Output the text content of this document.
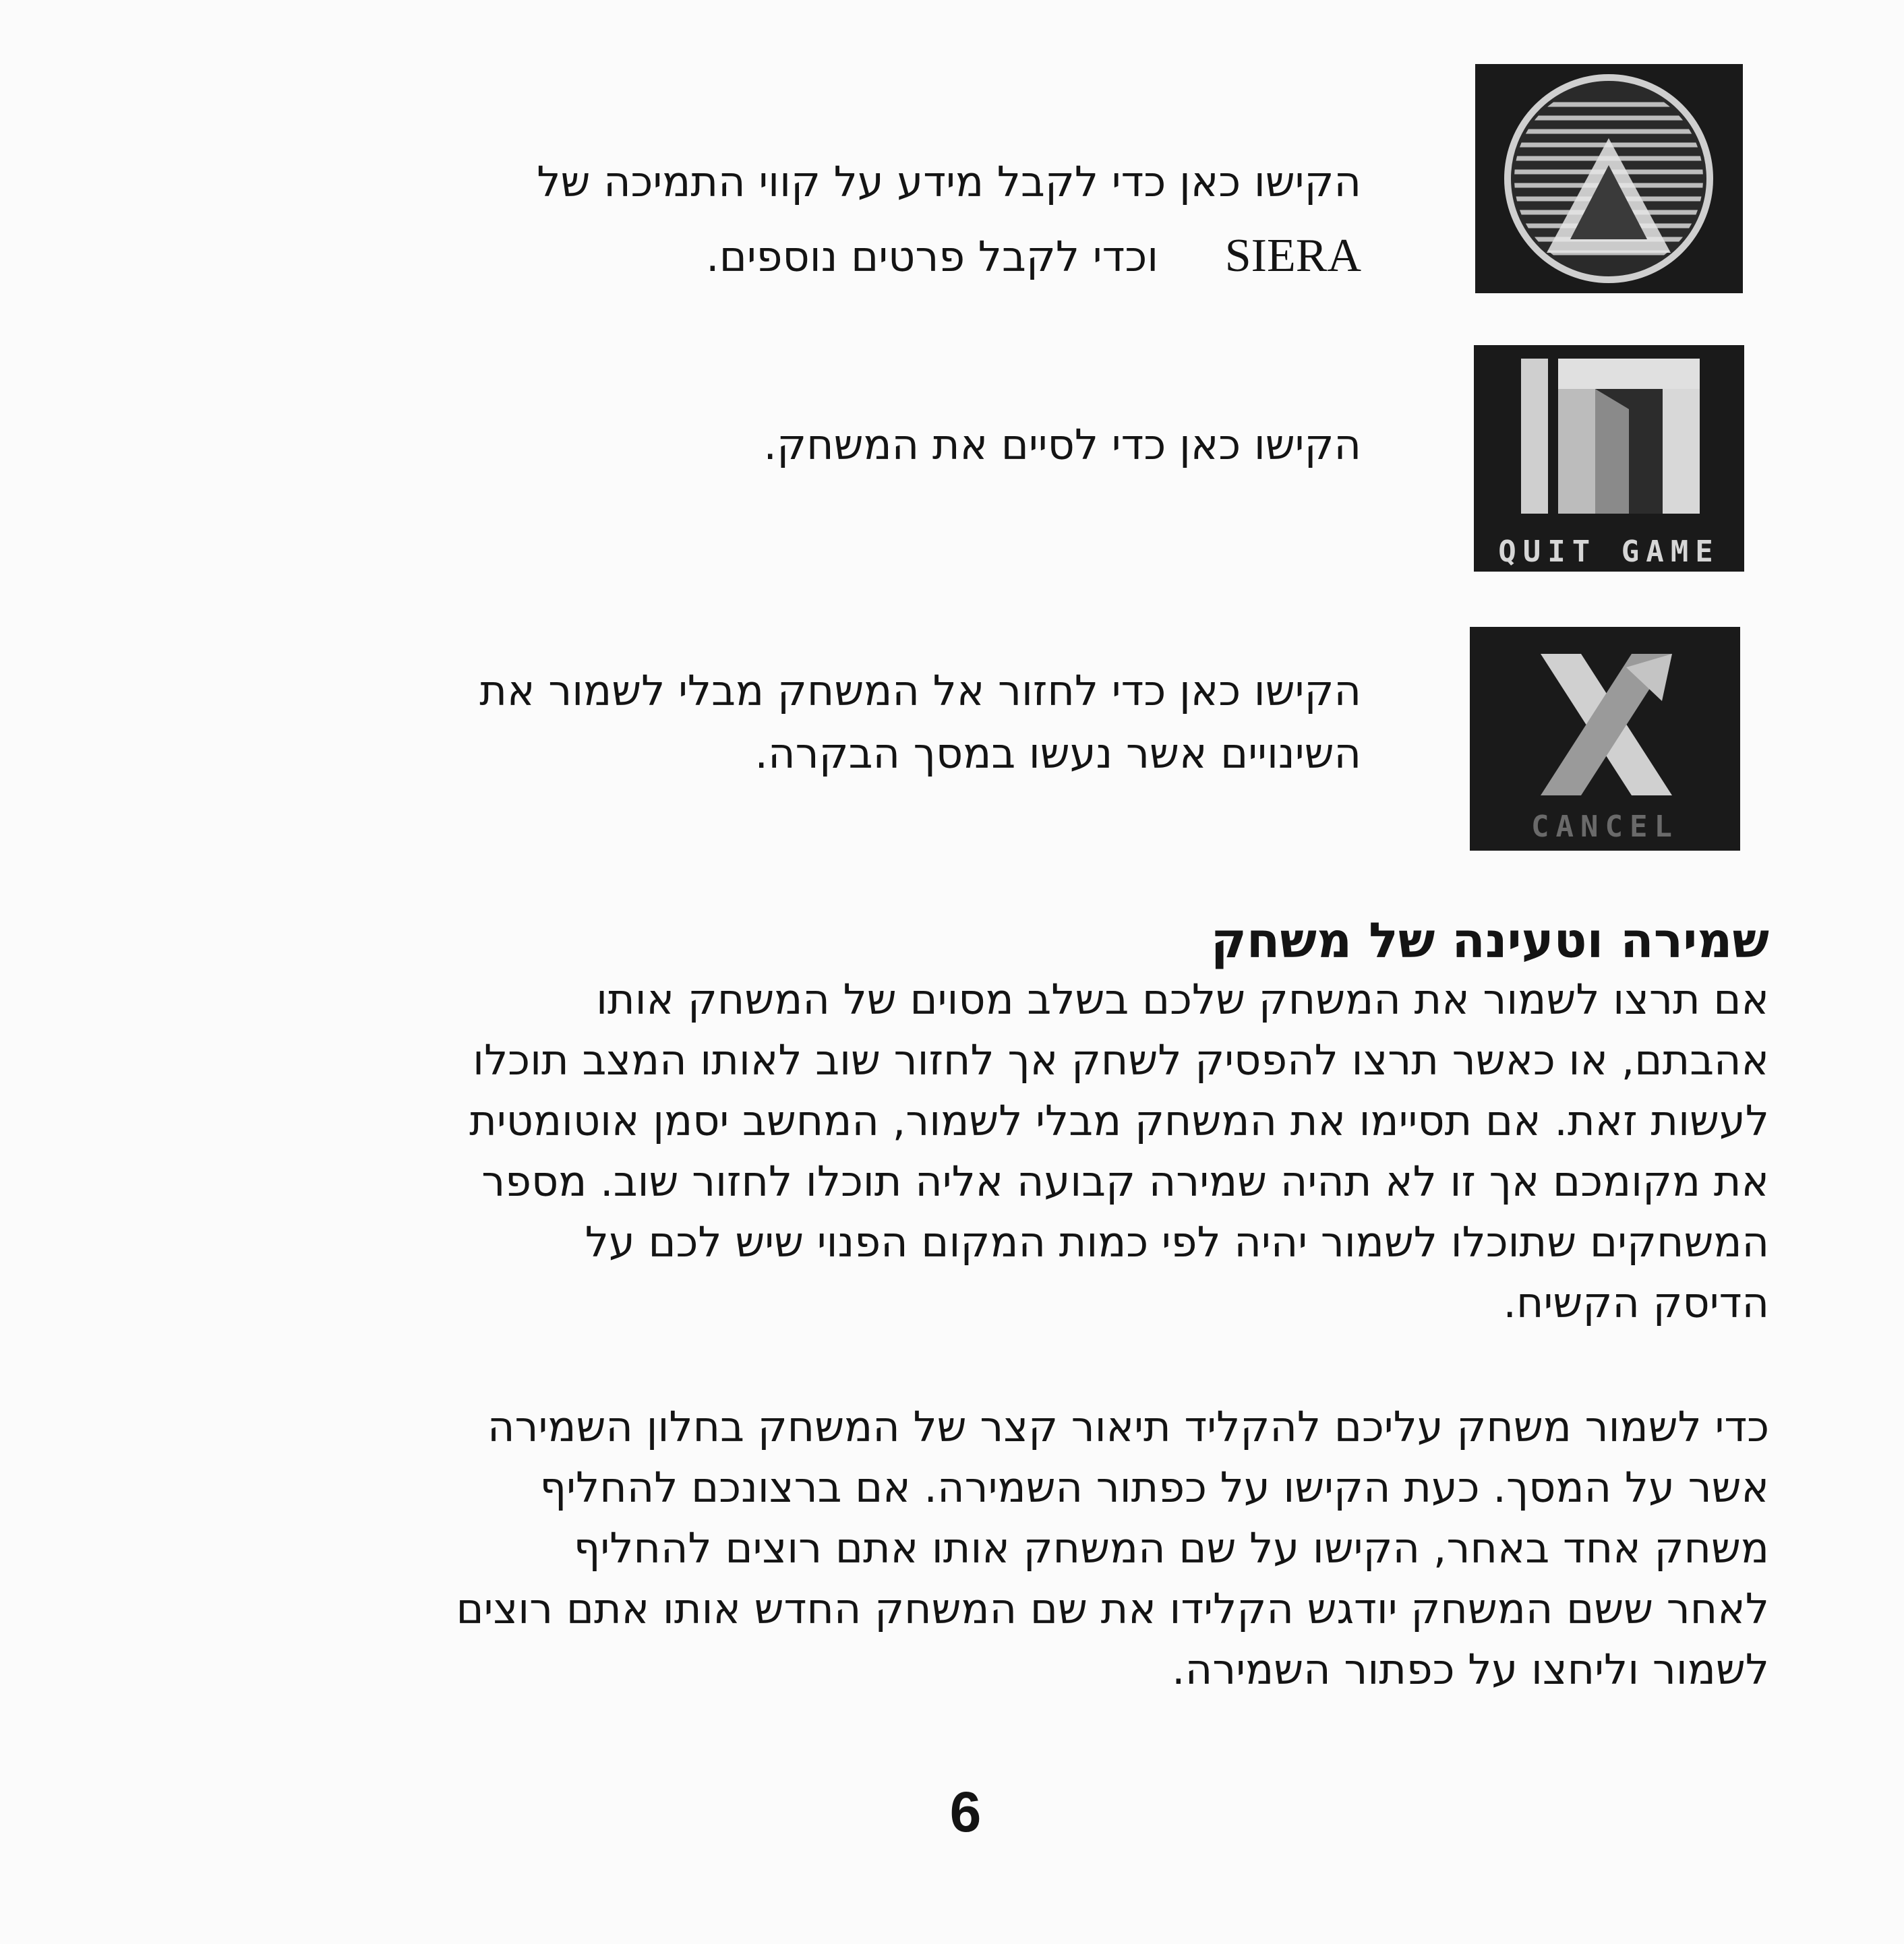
הקישו כאן כדי לקבל מידע על קווי התמיכה של

SIERA     וכדי לקבל פרטים נוספים.

QUIT GAME

הקישו כאן כדי לסיים את המשחק.

CANCEL

הקישו כאן כדי לחזור אל המשחק מבלי לשמור את

השינויים אשר נעשו במסך הבקרה.

שמירה וטעינה של משחק

אם תרצו לשמור את המשחק שלכם בשלב מסוים של המשחק אותו

אהבתם, או כאשר תרצו להפסיק לשחק אך לחזור שוב לאותו המצב תוכלו

לעשות זאת. אם תסיימו את המשחק מבלי לשמור, המחשב יסמן אוטומטית

את מקומכם אך זו לא תהיה שמירה קבועה אליה תוכלו לחזור שוב. מספר

המשחקים שתוכלו לשמור יהיה לפי כמות המקום הפנוי שיש לכם על

הדיסק הקשיח.

כדי לשמור משחק עליכם להקליד תיאור קצר של המשחק בחלון השמירה

אשר על המסך. כעת הקישו על כפתור השמירה. אם ברצונכם להחליף

משחק אחד באחר, הקישו על שם המשחק אותו אתם רוצים להחליף

לאחר ששם המשחק יודגש הקלידו את שם המשחק החדש אותו אתם רוצים

לשמור וליחצו על כפתור השמירה.

6
